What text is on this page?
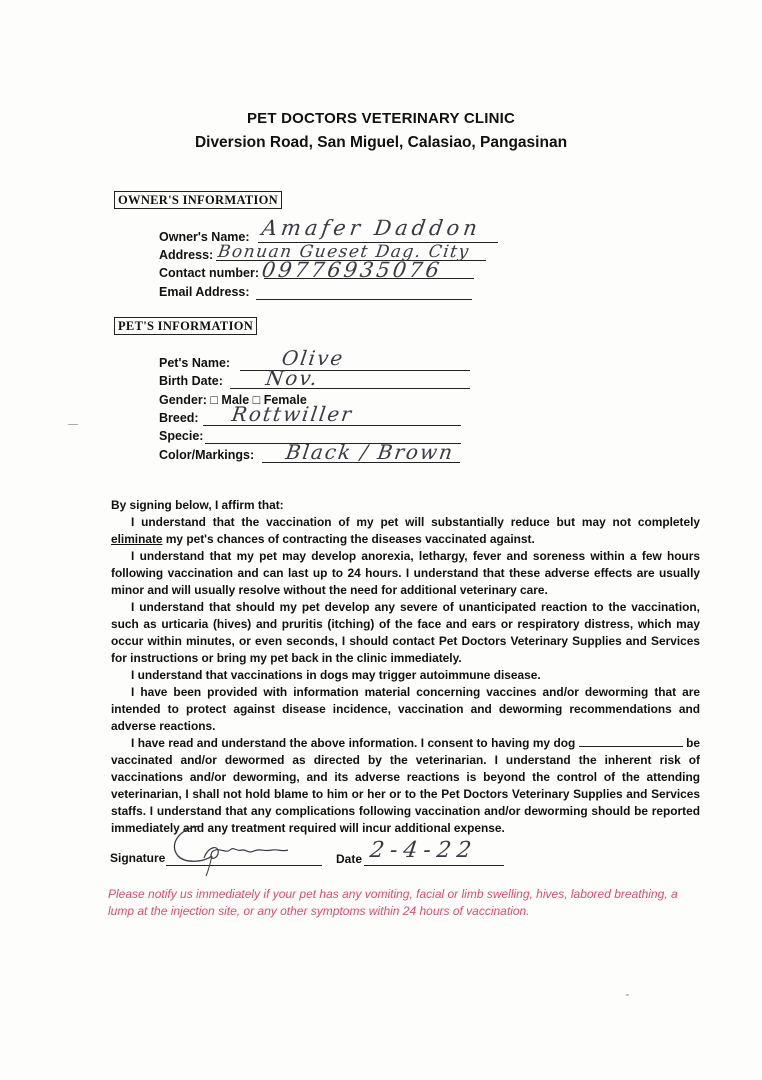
PET DOCTORS VETERINARY CLINIC
Diversion Road, San Miguel, Calasiao, Pangasinan
OWNER'S INFORMATION
Owner's Name: Amafer Daddon
Address: Bonuan Gueset Dag. City
Contact number: 09776935076
Email Address:
PET'S INFORMATION
Pet's Name:	Olive
Birth Date: Nov.
Gender: □ Male □ Female
Breed: Rottwiller
Specie:
Color/Markings: Black / Brown

By signing below, I affirm that:

I understand that the vaccination of my pet will substantially reduce but may not completely eliminate my pet's chances of contracting the diseases vaccinated against.

I understand that my pet may develop anorexia, lethargy, fever and soreness within a few hours following vaccination and can last up to 24 hours. I understand that these adverse effects are usually minor and will usually resolve without the need for additional veterinary care.

I understand that should my pet develop any severe of unanticipated reaction to the vaccination, such as urticaria (hives) and pruritis (itching) of the face and ears or respiratory distress, which may occur within minutes, or even seconds, I should contact Pet Doctors Veterinary Supplies and Services for instructions or bring my pet back in the clinic immediately.

I understand that vaccinations in dogs may trigger autoimmune disease.

I have been provided with information material concerning vaccines and/or deworming that are intended to protect against disease incidence, vaccination and deworming recommendations and adverse reactions.

I have read and understand the above information. I consent to having my dog	be vaccinated and/or dewormed as directed by the veterinarian. I understand the inherent risk of vaccinations and/or deworming, and its adverse reactions is beyond the control of the attending veterinarian, I shall not hold blame to him or her or to the Pet Doctors Veterinary Supplies and Services staffs. I understand that any complications following vaccination and/or deworming should be reported immediately and any treatment required will incur additional expense.

Signature	Date 2-4-22
Please notify us immediately if your pet has any vomiting, facial or limb swelling, hives, labored breathing, a lump at the injection site, or any other symptoms within 24 hours of vaccination.
